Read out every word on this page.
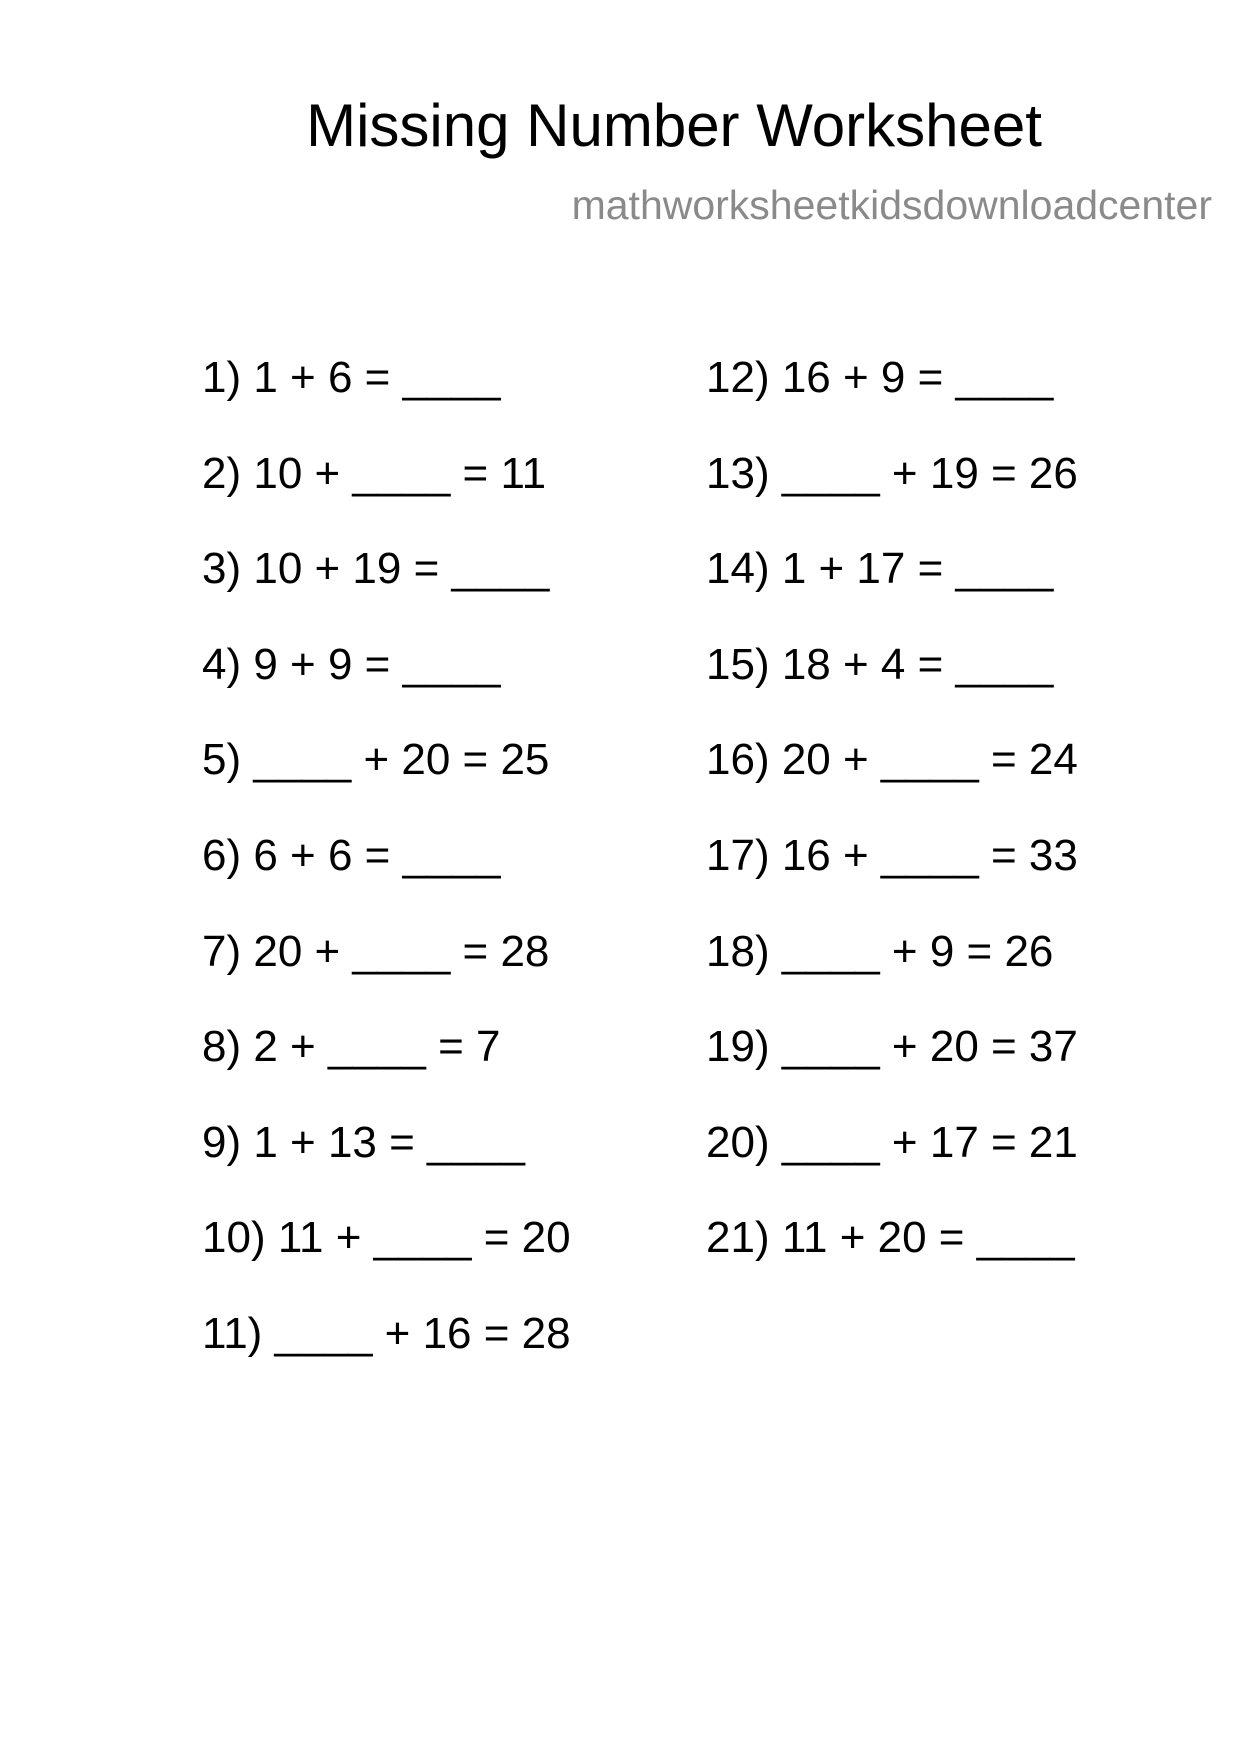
Missing Number Worksheet
mathworksheetkidsdownloadcenter
1) 1 + 6 = ____
2) 10 + ____ = 11
3) 10 + 19 = ____
4) 9 + 9 = ____
5) ____ + 20 = 25
6) 6 + 6 = ____
7) 20 + ____ = 28
8) 2 + ____ = 7
9) 1 + 13 = ____
10) 11 + ____ = 20
11) ____ + 16 = 28
12) 16 + 9 = ____
13) ____ + 19 = 26
14) 1 + 17 = ____
15) 18 + 4 = ____
16) 20 + ____ = 24
17) 16 + ____ = 33
18) ____ + 9 = 26
19) ____ + 20 = 37
20) ____ + 17 = 21
21) 11 + 20 = ____
